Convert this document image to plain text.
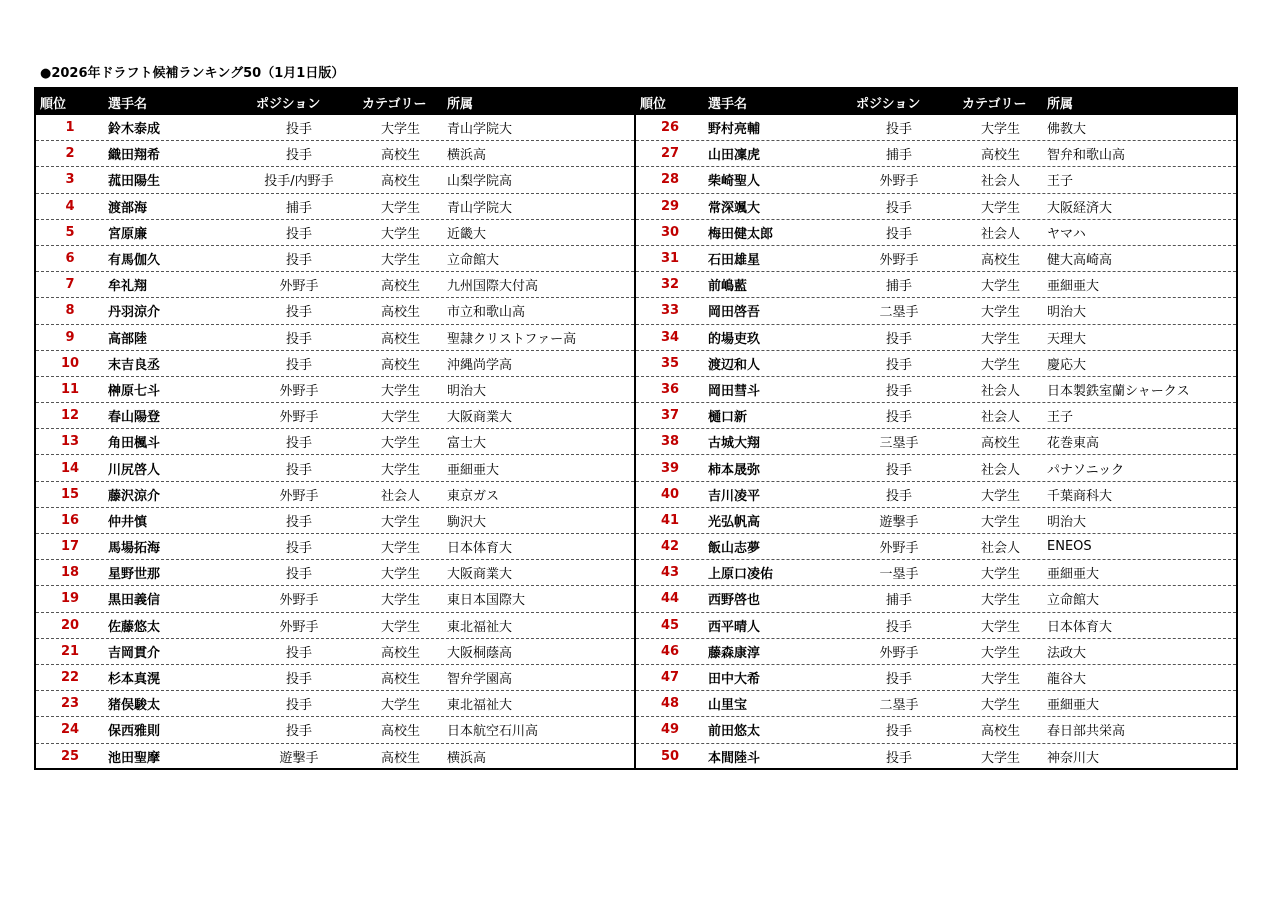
●2026年ドラフト候補ランキング50（1月1日版）
順位	選手名	ポジション	カテゴリー	所属
1	鈴木泰成	投手	大学生	青山学院大
2	織田翔希	投手	高校生	横浜高
3	菰田陽生	投手/内野手	高校生	山梨学院高
4	渡部海	捕手	大学生	青山学院大
5	宮原廉	投手	大学生	近畿大
6	有馬伽久	投手	大学生	立命館大
7	牟礼翔	外野手	高校生	九州国際大付高
8	丹羽涼介	投手	高校生	市立和歌山高
9	高部陸	投手	高校生	聖隷クリストファー高
10	末吉良丞	投手	高校生	沖縄尚学高
11	榊原七斗	外野手	大学生	明治大
12	春山陽登	外野手	大学生	大阪商業大
13	角田楓斗	投手	大学生	富士大
14	川尻啓人	投手	大学生	亜細亜大
15	藤沢涼介	外野手	社会人	東京ガス
16	仲井慎	投手	大学生	駒沢大
17	馬場拓海	投手	大学生	日本体育大
18	星野世那	投手	大学生	大阪商業大
19	黒田義信	外野手	大学生	東日本国際大
20	佐藤悠太	外野手	大学生	東北福祉大
21	吉岡貫介	投手	高校生	大阪桐蔭高
22	杉本真滉	投手	高校生	智弁学園高
23	猪俣駿太	投手	大学生	東北福祉大
24	保西雅則	投手	高校生	日本航空石川高
25	池田聖摩	遊撃手	高校生	横浜高
順位	選手名	ポジション	カテゴリー	所属
26	野村亮輔	投手	大学生	佛教大
27	山田凜虎	捕手	高校生	智弁和歌山高
28	柴崎聖人	外野手	社会人	王子
29	常深颯大	投手	大学生	大阪経済大
30	梅田健太郎	投手	社会人	ヤマハ
31	石田雄星	外野手	高校生	健大高崎高
32	前嶋藍	捕手	大学生	亜細亜大
33	岡田啓吾	二塁手	大学生	明治大
34	的場吏玖	投手	大学生	天理大
35	渡辺和人	投手	大学生	慶応大
36	岡田彗斗	投手	社会人	日本製鉄室蘭シャークス
37	樋口新	投手	社会人	王子
38	古城大翔	三塁手	高校生	花巻東高
39	柿本晟弥	投手	社会人	パナソニック
40	吉川凌平	投手	大学生	千葉商科大
41	光弘帆高	遊撃手	大学生	明治大
42	飯山志夢	外野手	社会人	ENEOS
43	上原口凌佑	一塁手	大学生	亜細亜大
44	西野啓也	捕手	大学生	立命館大
45	西平晴人	投手	大学生	日本体育大
46	藤森康淳	外野手	大学生	法政大
47	田中大希	投手	大学生	龍谷大
48	山里宝	二塁手	大学生	亜細亜大
49	前田悠太	投手	高校生	春日部共栄高
50	本間陸斗	投手	大学生	神奈川大
